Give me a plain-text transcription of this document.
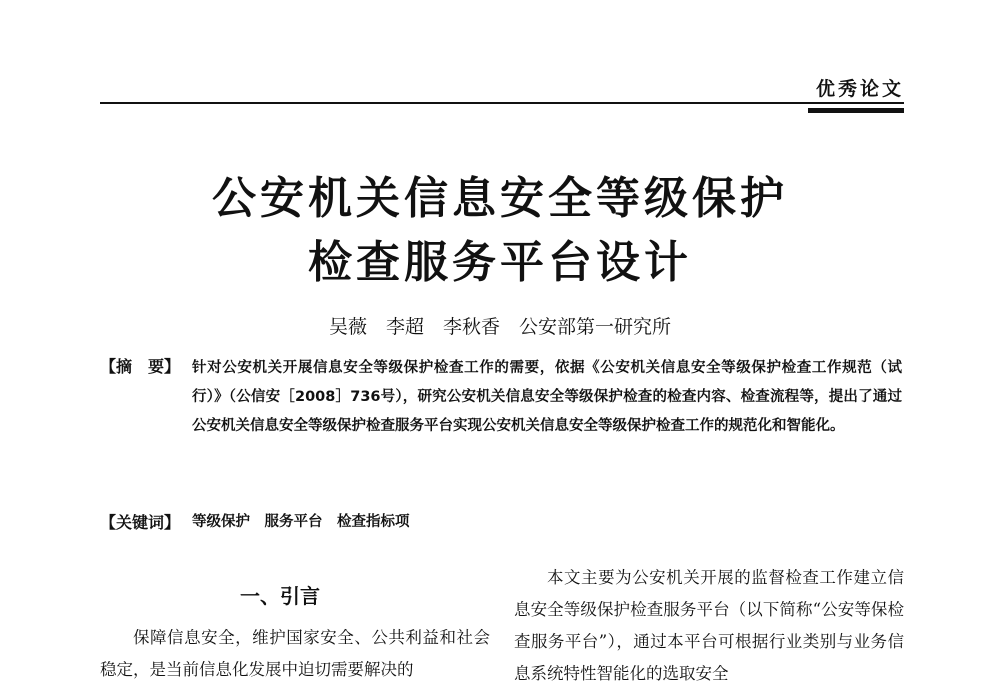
优秀论文
公安机关信息安全等级保护
检查服务平台设计
吴薇　李超　李秋香　公安部第一研究所
【摘　要】 针对公安机关开展信息安全等级保护检查工作的需要，依据《公安机关信息安全等级保护检查工作规范（试行）》（公信安［2008］736号），研究公安机关信息安全等级保护检查的检查内容、检查流程等，提出了通过公安机关信息安全等级保护检查服务平台实现公安机关信息安全等级保护检查工作的规范化和智能化。
【关键词】 等级保护　服务平台　检查指标项
一、引言

保障信息安全，维护国家安全、公共利益和社会稳定，是当前信息化发展中迫切需要解决的

本文主要为公安机关开展的监督检查工作建立信息安全等级保护检查服务平台（以下简称“公安等保检查服务平台”），通过本平台可根据行业类别与业务信息系统特性智能化的选取安全
